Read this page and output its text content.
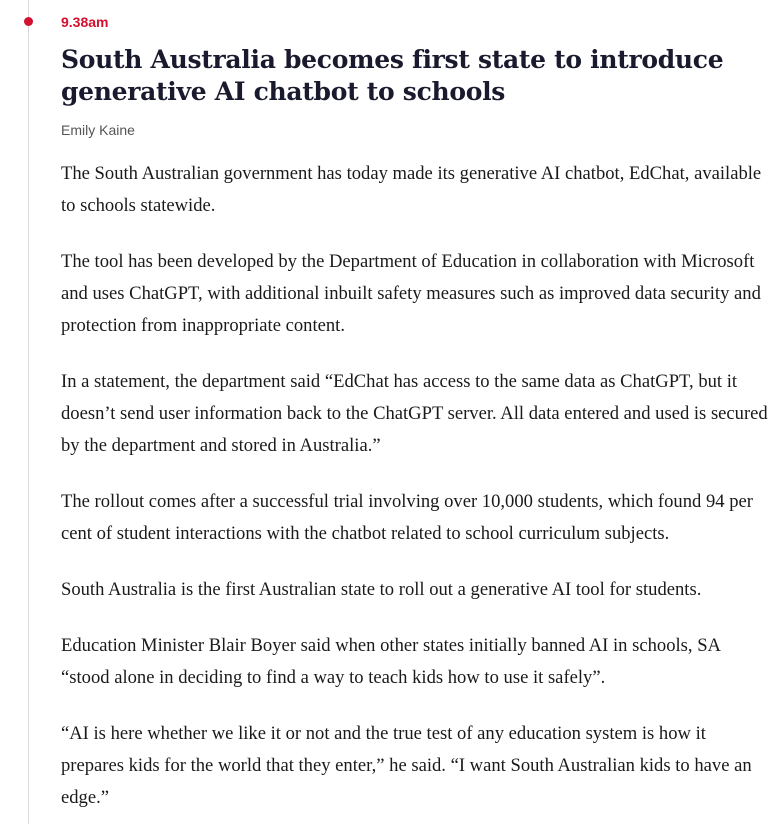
9.38am
South Australia becomes first state to introduce generative AI chatbot to schools
Emily Kaine

The South Australian government has today made its generative AI chatbot, EdChat, available to schools statewide.

The tool has been developed by the Department of Education in collaboration with Microsoft and uses ChatGPT, with additional inbuilt safety measures such as improved data security and protection from inappropriate content.

In a statement, the department said “EdChat has access to the same data as ChatGPT, but it doesn’t send user information back to the ChatGPT server. All data entered and used is secured by the department and stored in Australia.”

The rollout comes after a successful trial involving over 10,000 students, which found 94 per cent of student interactions with the chatbot related to school curriculum subjects.

South Australia is the first Australian state to roll out a generative AI tool for students.

Education Minister Blair Boyer said when other states initially banned AI in schools, SA “stood alone in deciding to find a way to teach kids how to use it safely”.

“AI is here whether we like it or not and the true test of any education system is how it prepares kids for the world that they enter,” he said. “I want South Australian kids to have an edge.”
